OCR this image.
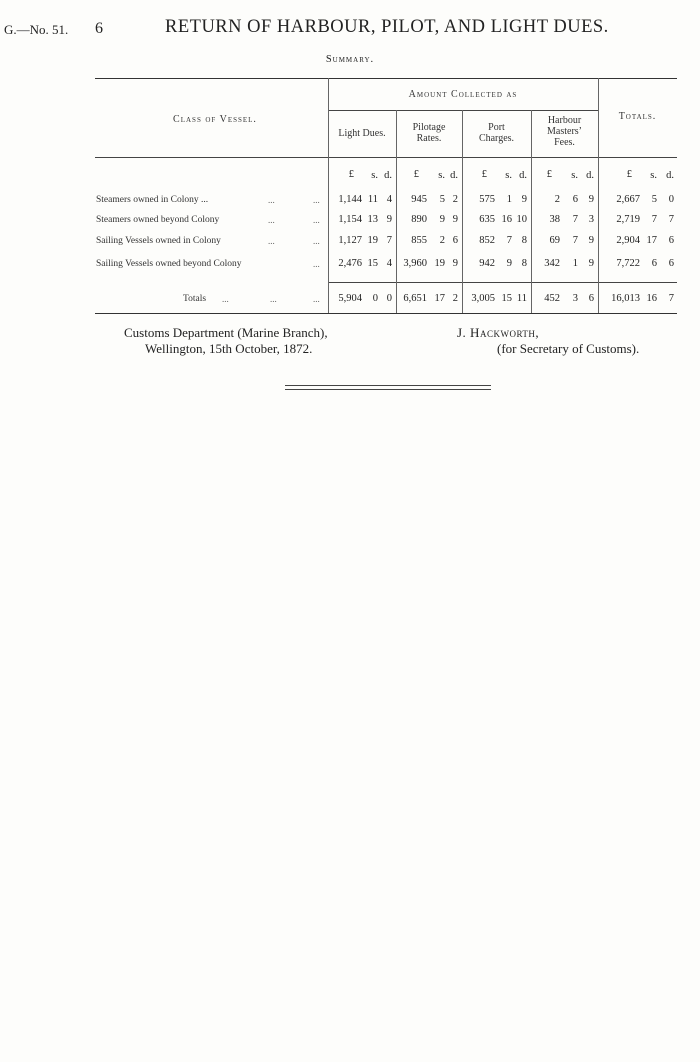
G.—No. 51. 6	RETURN OF HARBOUR, PILOT, AND LIGHT DUES.
Summary.
Class of Vessel.
Amount Collected as
Totals.
Light Dues.
Pilotage
Rates.
Port
Charges.
Harbour
Masters’
Fees.
£	s. d.	£	s. d.	£	s. d.	£	s. d.	£	s. d.
Steamers owned in Colony ...	...	...	1,144 11 4	945	5 2	575	1 9	2	6	9	2,667	5	0
Steamers owned beyond Colony	...	...	1,154 13 9	890	9 9	635 16 10	38	7	3	2,719	7	7
Sailing Vessels owned in Colony	...	...	1,127 19 7	855	2 6	852	7 8	69	7	9	2,904 17	6
Sailing Vessels owned beyond Colony	...	2,476 15 4	3,960 19 9	942	9 8	342	1	9	7,722	6	6
Totals ...	...	...	5,904	0 0	6,651 17 2	3,005 15 11	452	3	6	16,013 16	7
Customs Department (Marine Branch),
Wellington, 15th October, 1872.
J. Hackworth,
(for Secretary of Customs).
